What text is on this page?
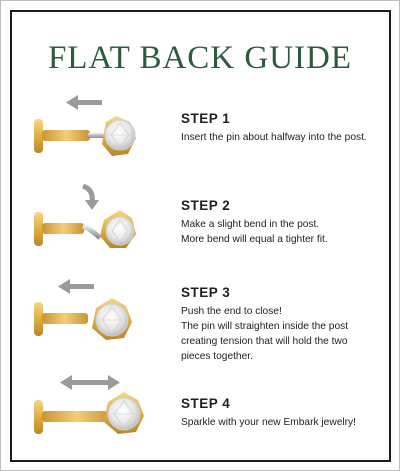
FLAT BACK GUIDE
STEP 1
Insert the pin about halfway into the post.
STEP 2
Make a slight bend in the post.
More bend will equal a tighter fit.
STEP 3
Push the end to close!
The pin will straighten inside the post
creating tension that will hold the two
pieces together.
STEP 4
Sparkle with your new Embark jewelry!
